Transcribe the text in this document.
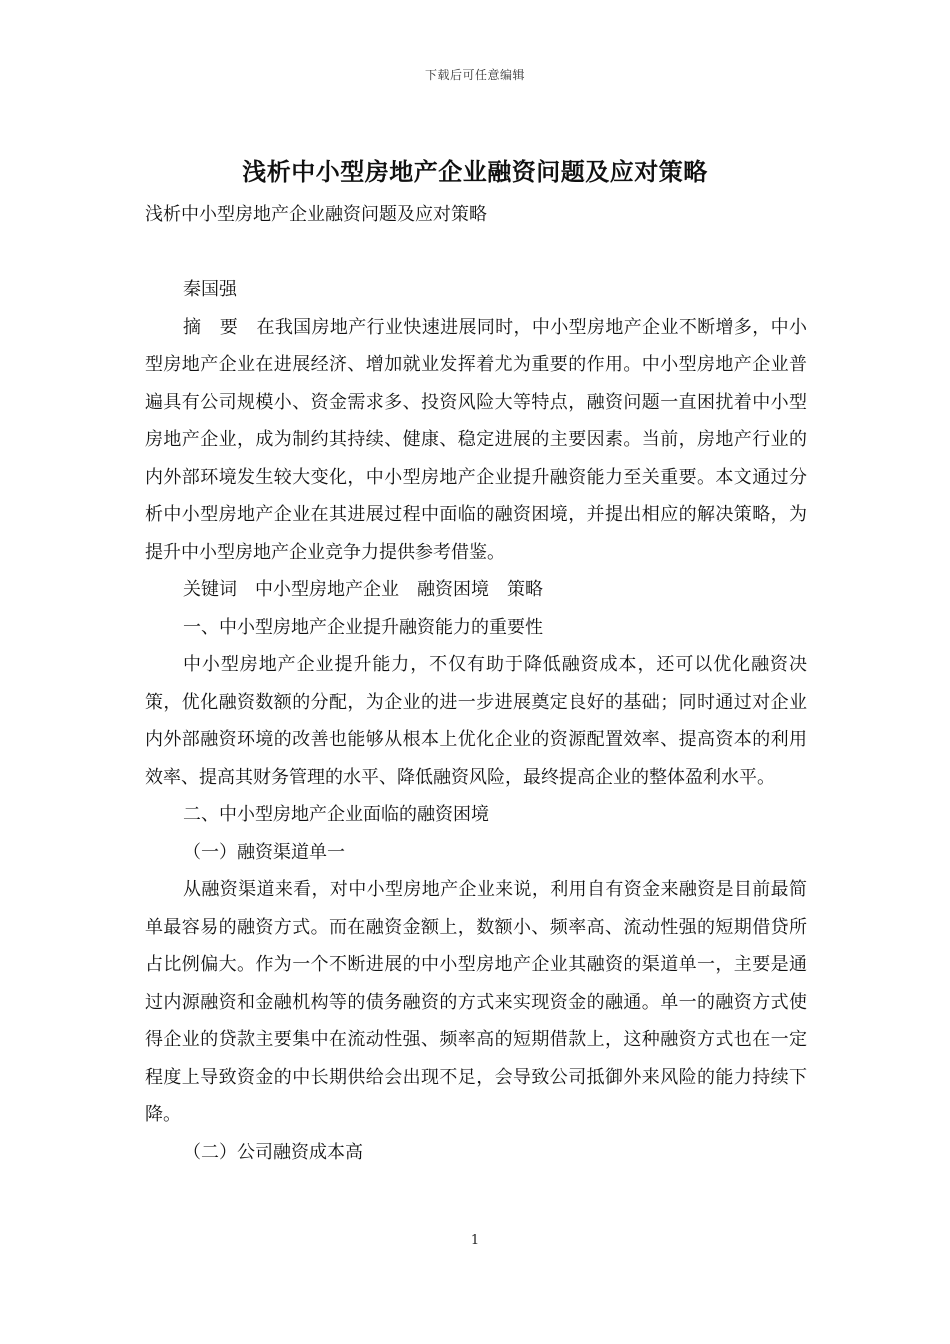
下载后可任意编辑
浅析中小型房地产企业融资问题及应对策略

浅析中小型房地产企业融资问题及应对策略

秦国强

摘　要　在我国房地产行业快速进展同时，中小型房地产企业不断增多，中小型房地产企业在进展经济、增加就业发挥着尤为重要的作用。中小型房地产企业普遍具有公司规模小、资金需求多、投资风险大等特点，融资问题一直困扰着中小型房地产企业，成为制约其持续、健康、稳定进展的主要因素。当前，房地产行业的内外部环境发生较大变化，中小型房地产企业提升融资能力至关重要。本文通过分析中小型房地产企业在其进展过程中面临的融资困境，并提出相应的解决策略，为提升中小型房地产企业竞争力提供参考借鉴。

关键词　中小型房地产企业　融资困境　策略

一、中小型房地产企业提升融资能力的重要性

中小型房地产企业提升能力，不仅有助于降低融资成本，还可以优化融资决策，优化融资数额的分配，为企业的进一步进展奠定良好的基础；同时通过对企业内外部融资环境的改善也能够从根本上优化企业的资源配置效率、提高资本的利用效率、提高其财务管理的水平、降低融资风险，最终提高企业的整体盈利水平。

二、中小型房地产企业面临的融资困境

（一）融资渠道单一

从融资渠道来看，对中小型房地产企业来说，利用自有资金来融资是目前最简单最容易的融资方式。而在融资金额上，数额小、频率高、流动性强的短期借贷所占比例偏大。作为一个不断进展的中小型房地产企业其融资的渠道单一，主要是通过内源融资和金融机构等的债务融资的方式来实现资金的融通。单一的融资方式使得企业的贷款主要集中在流动性强、频率高的短期借款上，这种融资方式也在一定程度上导致资金的中长期供给会出现不足，会导致公司抵御外来风险的能力持续下降。

（二）公司融资成本高

1
